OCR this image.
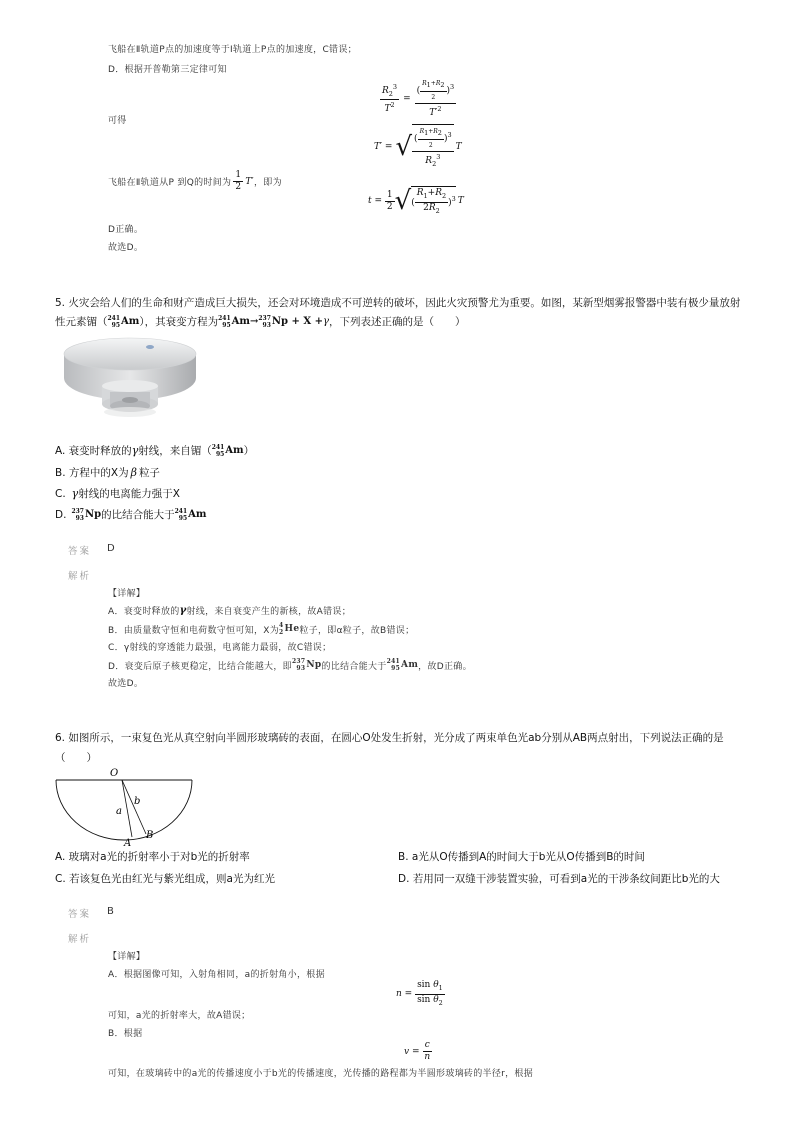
飞船在Ⅱ轨道P点的加速度等于Ⅰ轨道上P点的加速度，C错误；
D．根据开普勒第三定律可知
$\frac{R_2^3}{T^2} = \frac{( \frac{R_1+R_2}{2} )^3}{T'^2}$
可得
T ′ = √ $\frac{( \frac{R_1+R_2}{2} )^3}{R_2^3}$ T
飞船在Ⅱ轨道从P 到Q的时间为
1
2
T ′ ，即为
t =
1
2 √ ( $\frac{R_1+R_2}{2R_2} )^3$ T
D正确。
故选D。
5. 火灾会给人们的生命和财产造成巨大损失，还会对环境造成不可逆转的破坏，因此火灾预警尤为重要。如图，某新型烟雾报警器中装有极少量放射
性元素镅（ 241
95 Am ），其衰变方程为 241
95 Am→ 237
93 Np + X + γ ，下列表述正确的是（　　）
A. 衰变时释放的 γ 射线，来自镅（ 241
95 Am ）
B. 方程中的X为 β 粒子
C. γ 射线的电离能力强于X
D. 237
93 Np 的比结合能大于 241
95 Am
答案 D
解析
【详解】
A．衰变时释放的 γ 射线，来自衰变产生的新核，故A错误；
B．由质量数守恒和电荷数守恒可知，X为 4
2 He 粒子，即α粒子，故B错误；
C．γ射线的穿透能力最强，电离能力最弱，故C错误；
D．衰变后原子核更稳定，比结合能越大，即 237
93 Np 的比结合能大于 241
95 Am ，故D正确。
故选D。
6. 如图所示，一束复色光从真空射向半圆形玻璃砖的表面，在圆心O处发生折射，光分成了两束单色光ab分别从AB两点射出，下列说法正确的是
（　　）
O
a
b
A
B
A. 玻璃对a光的折射率小于对b光的折射率	B. a光从O传播到A的时间大于b光从O传播到B的时间
C. 若该复色光由红光与紫光组成，则a光为红光	D. 若用同一双缝干涉装置实验，可看到a光的干涉条纹间距比b光的大
答案 B
解析
【详解】
A．根据图像可知，入射角相同，a的折射角小，根据
n =
$\sin \theta_1$
$\sin \theta_2$
可知，a光的折射率大，故A错误；
B．根据
v =
c
n
可知，在玻璃砖中的a光的传播速度小于b光的传播速度，光传播的路程都为半圆形玻璃砖的半径r，根据
